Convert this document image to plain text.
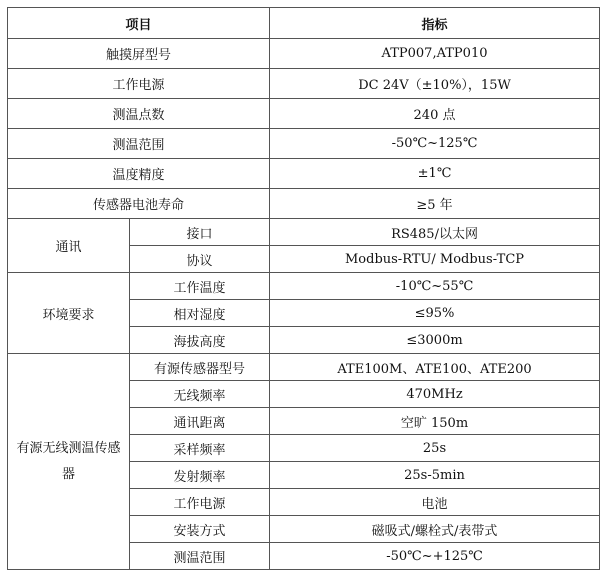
项目		指标
触摸屏型号		ATP007,ATP010
工作电源		DC 24V（±10%），15W
测温点数		240 点
测温范围		-50℃~125℃
温度精度		±1℃
传感器电池寿命		≥5 年
通讯	接口	RS485/以太网
	协议	Modbus-RTU/ Modbus-TCP
环境要求	工作温度	-10℃~55℃
	相对湿度	≤95%
	海拔高度	≤3000m
有源无线测温传感器	有源传感器型号	ATE100M、ATE100、ATE200
	无线频率	470MHz
	通讯距离	空旷 150m
	采样频率	25s
	发射频率	25s-5min
	工作电源	电池
	安装方式	磁吸式/螺栓式/表带式
	测温范围	-50℃~+125℃
